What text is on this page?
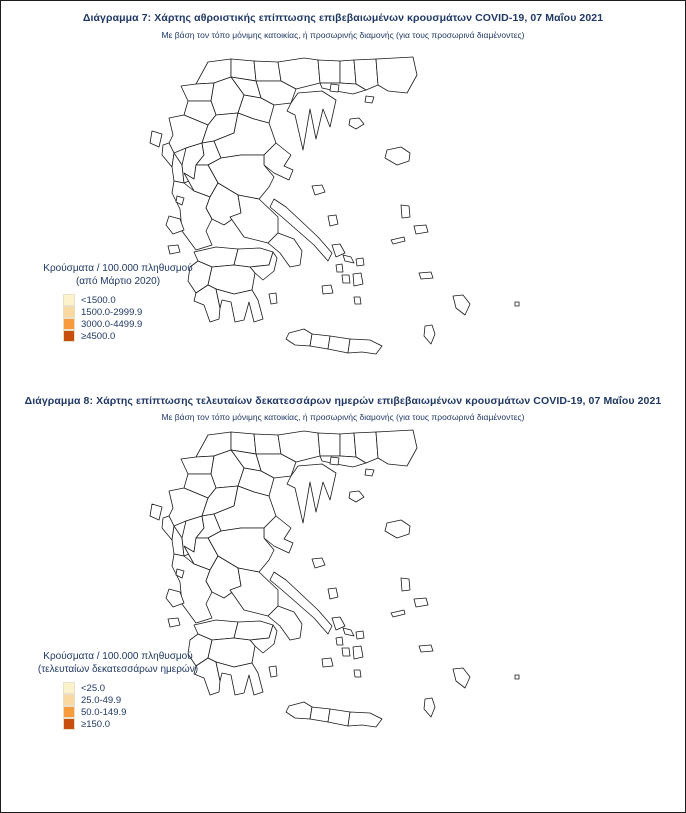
Διάγραμμα 7: Χάρτης αθροιστικής επίπτωσης επιβεβαιωμένων κρουσμάτων COVID-19, 07 Μαΐου 2021
Με βάση τον τόπο μόνιμης κατοικίας, ή προσωρινής διαμονής (για τους προσωρινά διαμένοντες)
Κρούσματα / 100.000 πληθυσμού
(από Μάρτιο 2020)
<1500.0
1500.0-2999.9
3000.0-4499.9
≥4500.0
Διάγραμμα 8: Χάρτης επίπτωσης τελευταίων δεκατεσσάρων ημερών επιβεβαιωμένων κρουσμάτων COVID-19, 07 Μαΐου 2021
Με βάση τον τόπο μόνιμης κατοικίας, ή προσωρινής διαμονής (για τους προσωρινά διαμένοντες)
Κρούσματα / 100.000 πληθυσμού
(τελευταίων δεκατεσσάρων ημερών)
<25.0
25.0-49.9
50.0-149.9
≥150.0
